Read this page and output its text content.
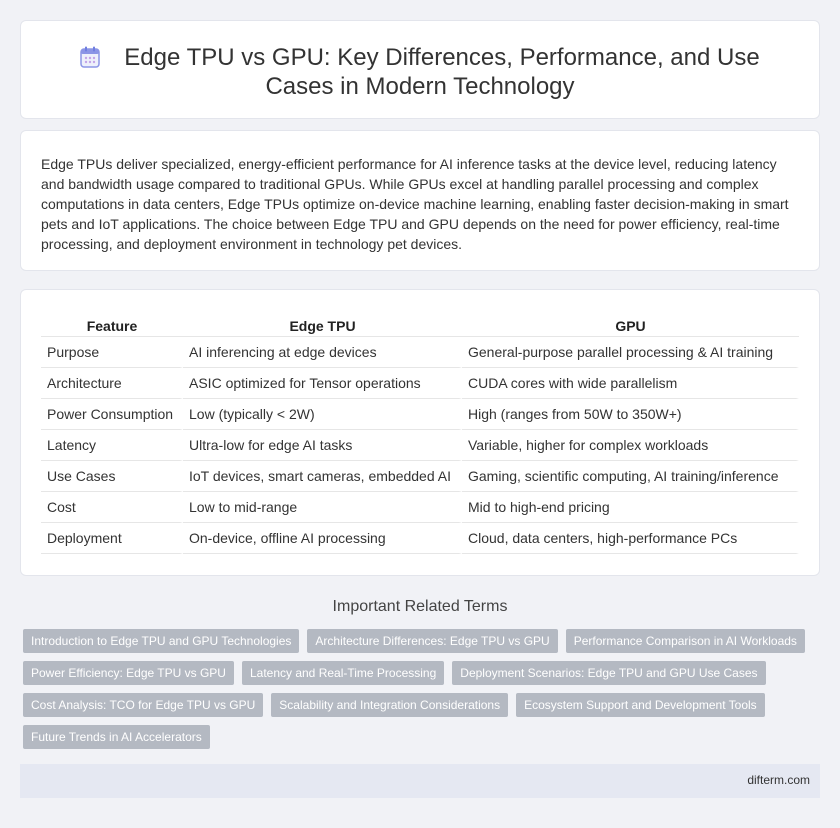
Edge TPU vs GPU: Key Differences, Performance, and Use Cases in Modern Technology

Edge TPUs deliver specialized, energy-efficient performance for AI inference tasks at the device level, reducing latency and bandwidth usage compared to traditional GPUs. While GPUs excel at handling parallel processing and complex computations in data centers, Edge TPUs optimize on-device machine learning, enabling faster decision-making in smart pets and IoT applications. The choice between Edge TPU and GPU depends on the need for power efficiency, real-time processing, and deployment environment in technology pet devices.

Feature	Edge TPU	GPU
Purpose	AI inferencing at edge devices	General-purpose parallel processing & AI training
Architecture	ASIC optimized for Tensor operations	CUDA cores with wide parallelism
Power Consumption	Low (typically < 2W)	High (ranges from 50W to 350W+)
Latency	Ultra-low for edge AI tasks	Variable, higher for complex workloads
Use Cases	IoT devices, smart cameras, embedded AI	Gaming, scientific computing, AI training/inference
Cost	Low to mid-range	Mid to high-end pricing
Deployment	On-device, offline AI processing	Cloud, data centers, high-performance PCs
Important Related Terms
Introduction to Edge TPU and GPU Technologies	Architecture Differences: Edge TPU vs GPU	Performance Comparison in AI Workloads
Power Efficiency: Edge TPU vs GPU	Latency and Real-Time Processing	Deployment Scenarios: Edge TPU and GPU Use Cases
Cost Analysis: TCO for Edge TPU vs GPU	Scalability and Integration Considerations	Ecosystem Support and Development Tools
Future Trends in AI Accelerators
difterm.com
